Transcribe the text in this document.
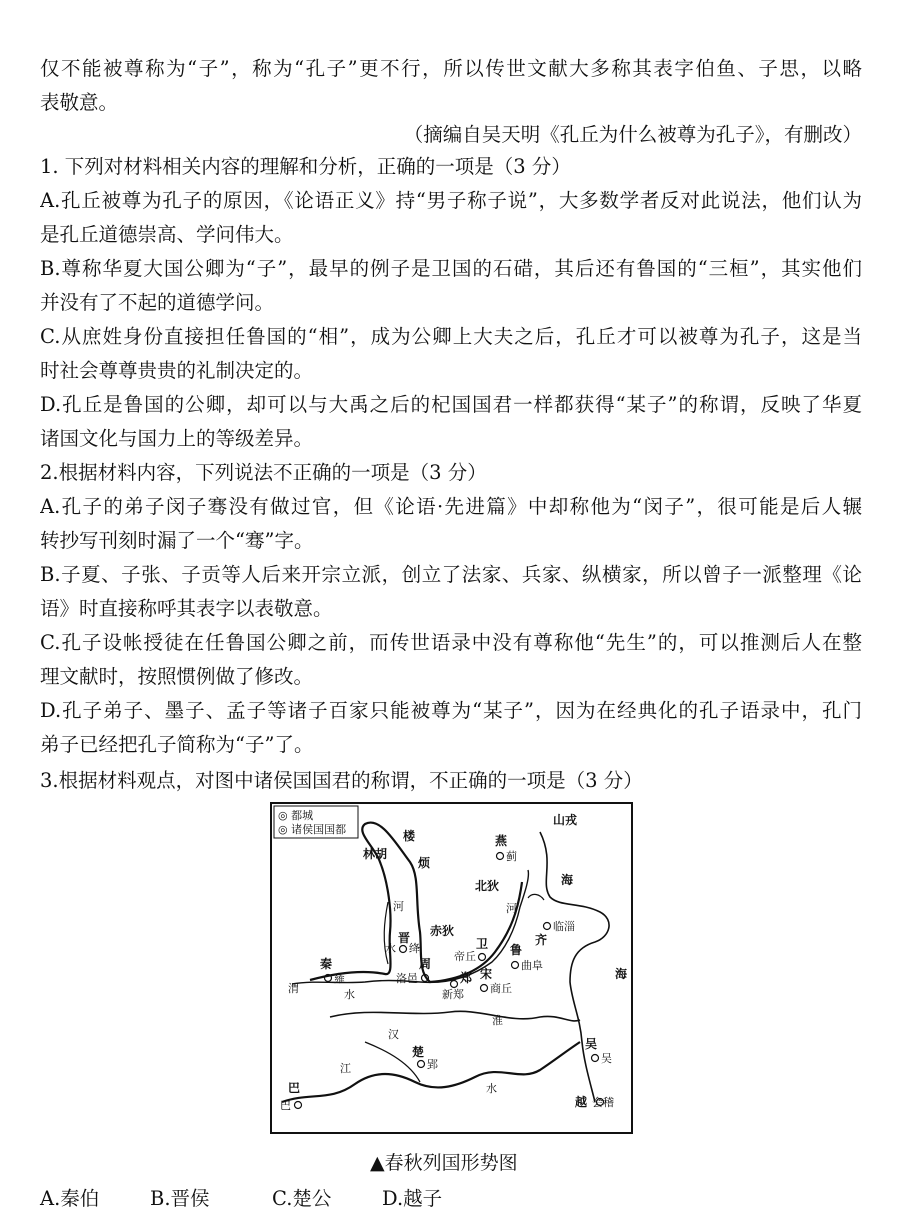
仅不能被尊称为“子”，称为“孔子”更不行，所以传世文献大多称其表字伯鱼、子思，以略
表敬意。
（摘编自吴天明《孔丘为什么被尊为孔子》，有删改）
1. 下列对材料相关内容的理解和分析，正确的一项是（3 分）
A.孔丘被尊为孔子的原因，《论语正义》持“男子称子说”，大多数学者反对此说法，他们认为
是孔丘道德崇高、学问伟大。
B.尊称华夏大国公卿为“子”，最早的例子是卫国的石碏，其后还有鲁国的“三桓”，其实他们
并没有了不起的道德学问。
C.从庶姓身份直接担任鲁国的“相”，成为公卿上大夫之后，孔丘才可以被尊为孔子，这是当
时社会尊尊贵贵的礼制决定的。
D.孔丘是鲁国的公卿，却可以与大禹之后的杞国国君一样都获得“某子”的称谓，反映了华夏
诸国文化与国力上的等级差异。
2.根据材料内容，下列说法不正确的一项是（3 分）
A.孔子的弟子闵子骞没有做过官，但《论语·先进篇》中却称他为“闵子”，很可能是后人辗
转抄写刊刻时漏了一个“骞”字。
B.子夏、子张、子贡等人后来开宗立派，创立了法家、兵家、纵横家，所以曾子一派整理《论
语》时直接称呼其表字以表敬意。
C.孔子设帐授徒在任鲁国公卿之前，而传世语录中没有尊称他“先生”的，可以推测后人在整
理文献时，按照惯例做了修改。
D.孔子弟子、墨子、孟子等诸子百家只能被尊为“某子”，因为在经典化的孔子语录中，孔门
弟子已经把孔子简称为“子”了。
3.根据材料观点，对图中诸侯国国君的称谓，不正确的一项是（3 分）
◎ 都城
◎ 诸侯国国都
山戎
楼
林胡
烦
燕
蓟
海
北狄
河	河
赤狄
水
晋
绛
临淄
齐
鲁
曲阜
卫
帝丘
秦
雍
周
洛邑	郑
新郑
宋
商丘
渭	水
海
淮
江
楚
郢
汉
水
吴
吴
越 会稽
巴
巴
▲春秋列国形势图
A.秦伯	B.晋侯	C.楚公	D.越子
